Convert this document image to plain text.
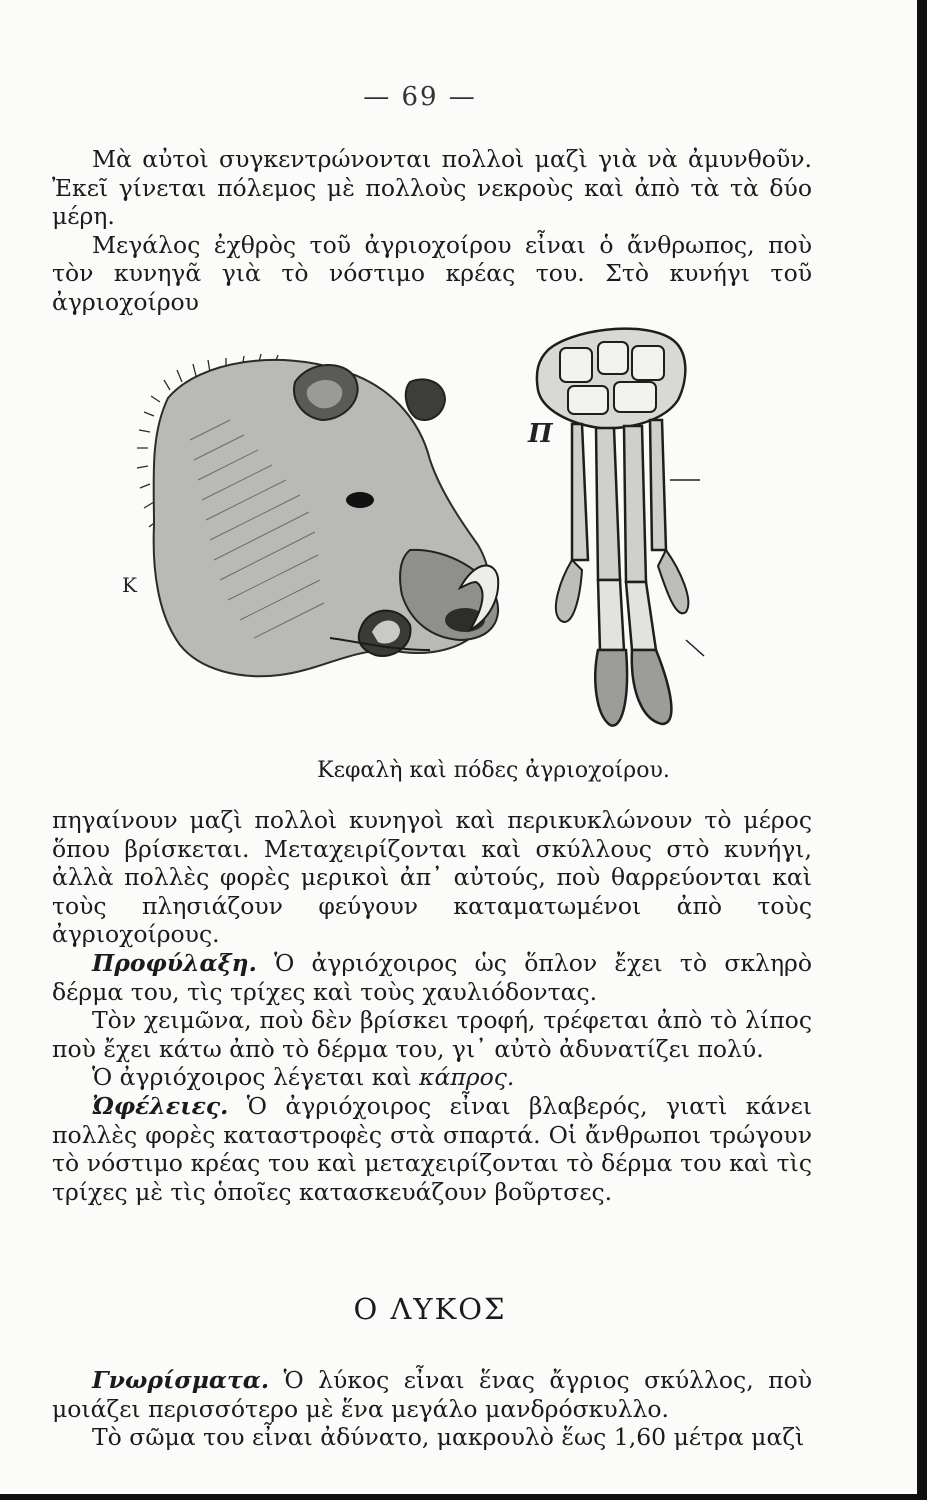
— 69 —

Μὰ αὐτοὶ συγκεντρώνονται πολλοὶ μαζὶ γιὰ νὰ ἀμυνθοῦν. Ἐκεῖ γίνεται πόλεμος μὲ πολλοὺς νεκροὺς καὶ ἀπὸ τὰ τὰ δύο μέρη.

Μεγάλος ἐχθρὸς τοῦ ἀγριοχοίρου εἶναι ὁ ἄνθρωπος, ποὺ τὸν κυνηγᾶ γιὰ τὸ νόστιμο κρέας του. Στὸ κυνήγι τοῦ ἀγριοχοίρου

K
Π
Κεφαλὴ καὶ πόδες ἀγριοχοίρου.

πηγαίνουν μαζὶ πολλοὶ κυνηγοὶ καὶ περικυκλώνουν τὸ μέρος ὅπου βρίσκεται. Μεταχειρίζονται καὶ σκύλλους στὸ κυνήγι, ἀλλὰ πολλὲς φορὲς μερικοὶ ἀπ᾿ αὐτούς, ποὺ θαρρεύονται καὶ τοὺς πλησιάζουν φεύγουν καταματωμένοι ἀπὸ τοὺς ἀγριοχοίρους.

Προφύλαξη. Ὁ ἀγριόχοιρος ὡς ὅπλον ἔχει τὸ σκληρὸ δέρμα του, τὶς τρίχες καὶ τοὺς χαυλιόδοντας.

Τὸν χειμῶνα, ποὺ δὲν βρίσκει τροφή, τρέφεται ἀπὸ τὸ λίπος ποὺ ἔχει κάτω ἀπὸ τὸ δέρμα του, γι᾿ αὐτὸ ἀδυνατίζει πολύ.

Ὁ ἀγριόχοιρος λέγεται καὶ κάπρος.

Ὠφέλειες. Ὁ ἀγριόχοιρος εἶναι βλαβερός, γιατὶ κάνει πολλὲς φορὲς καταστροφὲς στὰ σπαρτά. Οἱ ἄνθρωποι τρώγουν τὸ νόστιμο κρέας του καὶ μεταχειρίζονται τὸ δέρμα του καὶ τὶς τρίχες μὲ τὶς ὁποῖες κατασκευάζουν βοῦρτσες.

Ο ΛΥΚΟΣ

Γνωρίσματα. Ὁ λύκος εἶναι ἕνας ἄγριος σκύλλος, ποὺ μοιάζει περισσότερο μὲ ἕνα μεγάλο μανδρόσκυλλο.

Τὸ σῶμα του εἶναι ἀδύνατο, μακρουλὸ ἕως 1,60 μέτρα μαζὶ
